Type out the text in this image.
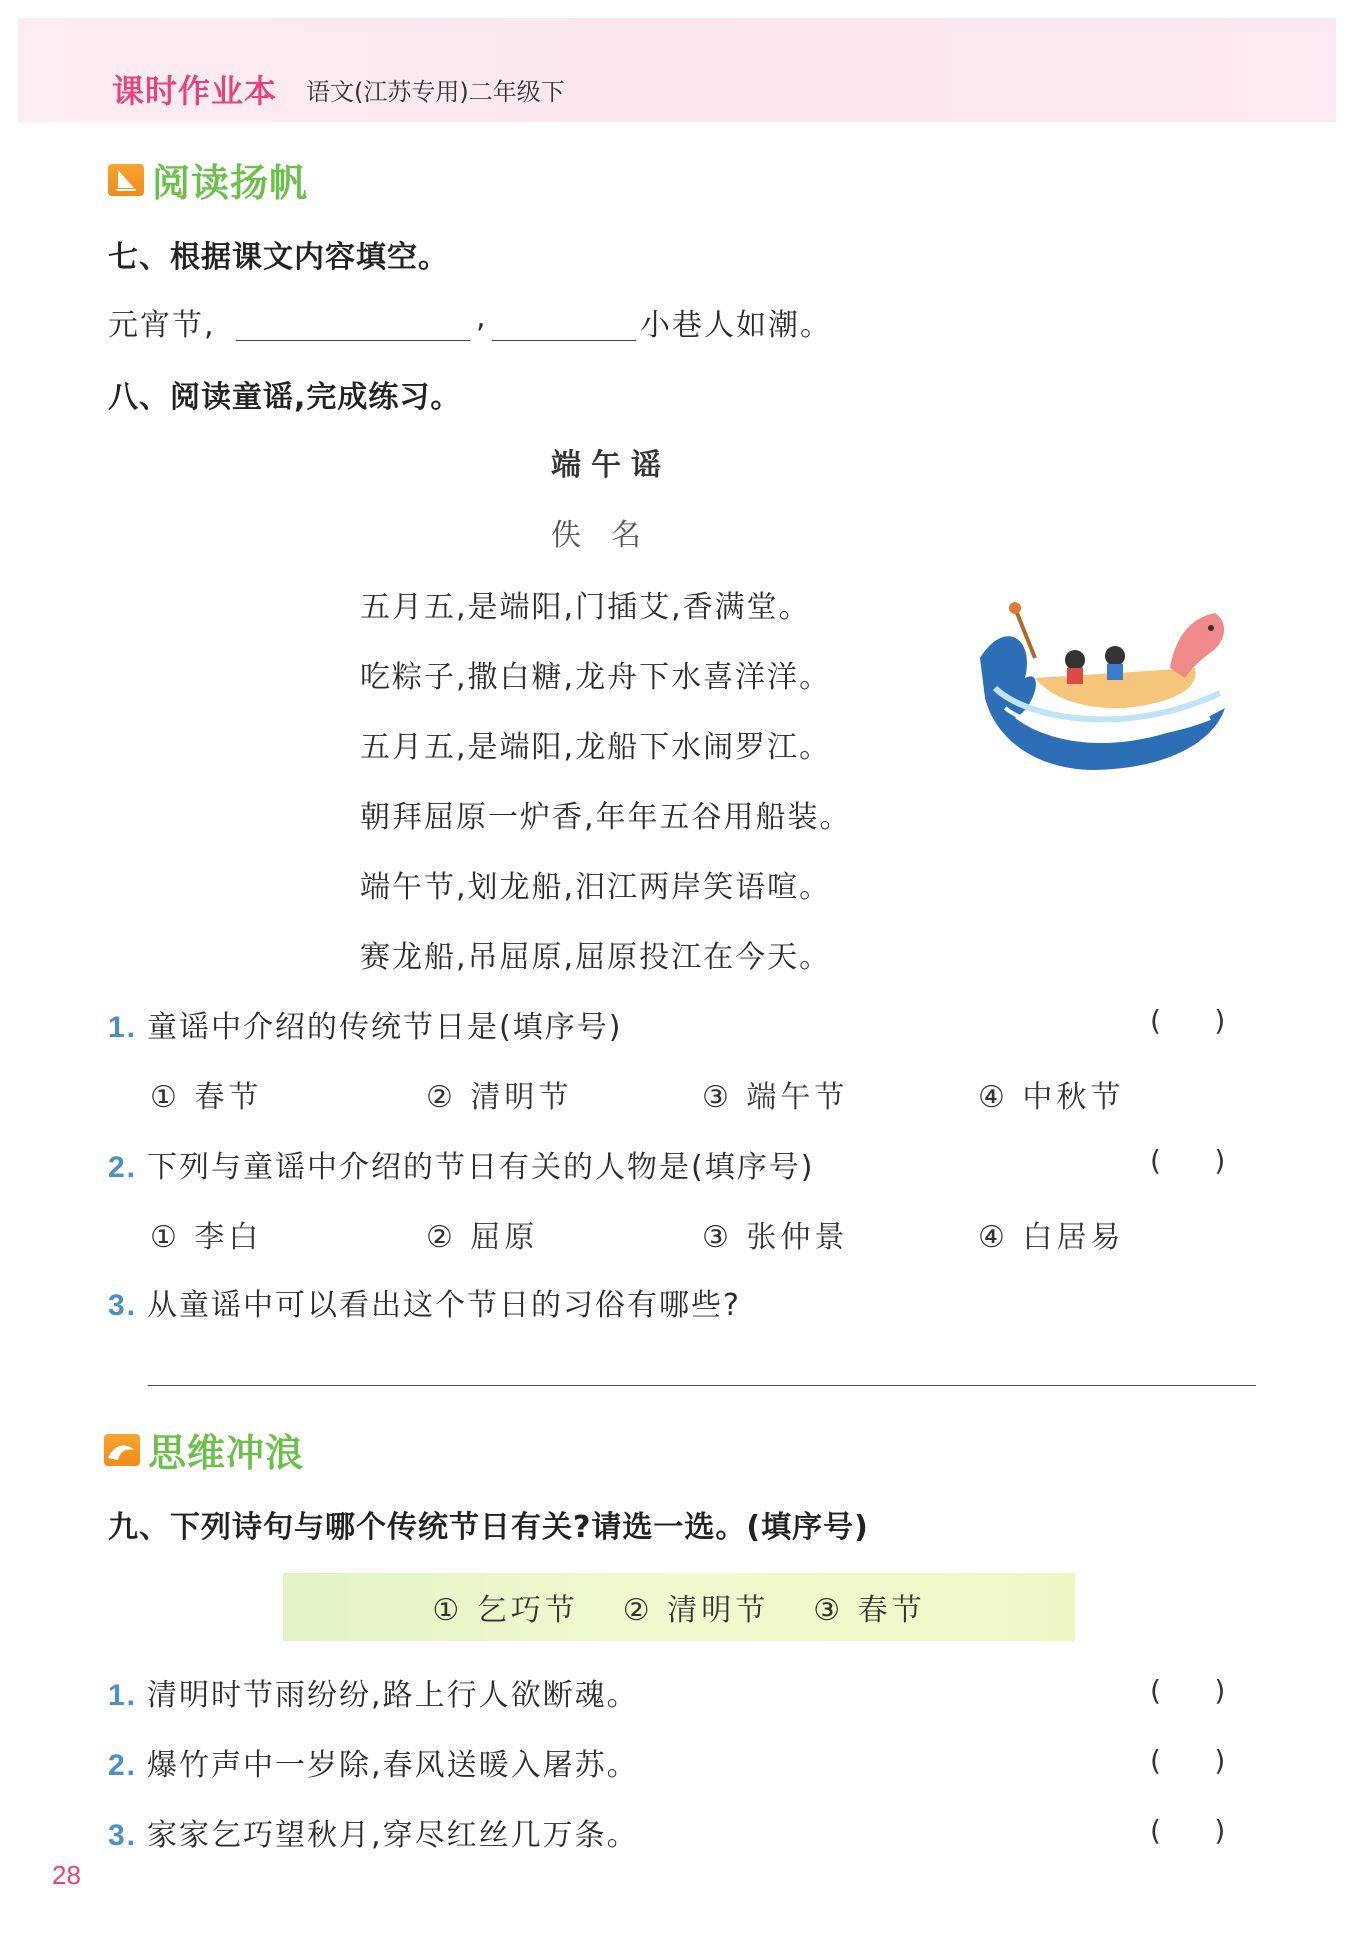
课时作业本 语文(江苏专用)二年级下
阅读扬帆
七、根据课文内容填空。
元宵节,	,	小巷人如潮。
八、阅读童谣,完成练习。
端午谣
佚名
五月五,是端阳,门插艾,香满堂。
吃粽子,撒白糖,龙舟下水喜洋洋。
五月五,是端阳,龙船下水闹罗江。
朝拜屈原一炉香,年年五谷用船装。
端午节,划龙船,汨江两岸笑语喧。
赛龙船,吊屈原,屈原投江在今天。
1. 童谣中介绍的传统节日是(填序号)	(      )
① 春节	② 清明节	③ 端午节	④ 中秋节
2. 下列与童谣中介绍的节日有关的人物是(填序号)	(      )
① 李白	② 屈原	③ 张仲景	④ 白居易
3. 从童谣中可以看出这个节日的习俗有哪些?
思维冲浪
九、下列诗句与哪个传统节日有关?请选一选。(填序号)
① 乞巧节 ② 清明节 ③ 春节
1. 清明时节雨纷纷,路上行人欲断魂。	(      )
2. 爆竹声中一岁除,春风送暖入屠苏。	(      )
3. 家家乞巧望秋月,穿尽红丝几万条。	(      )
28
